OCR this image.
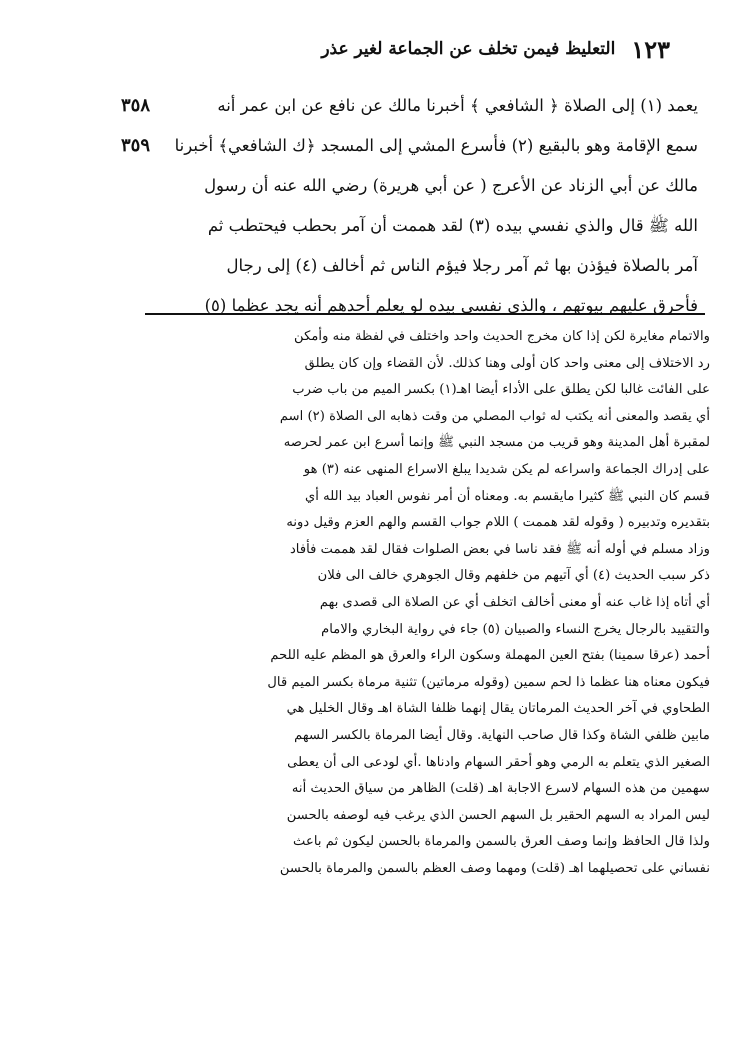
١٢٣
التعليظ فيمن تخلف عن الجماعة لغير عذر
٣٥٨
٣٥٩
يعمد (١) إلى الصلاة ﴿ الشافعي ﴾ أخبرنا مالك عن نافع عن ابن عمر أنه
سمع الإقامة وهو بالبقيع (٢) فأسرع المشي إلى المسجد ﴿ك الشافعي﴾ أخبرنا
مالك عن أبي الزناد عن الأعرج ( عن أبي هريرة) رضي الله عنه أن رسول
الله ﷺ قال والذي نفسي بيده (٣) لقد هممت أن آمر بحطب فيحتطب ثم
آمر بالصلاة فيؤذن بها ثم آمر رجلا فيؤم الناس ثم أخالف (٤) إلى رجال
فأحرق عليهم بيوتهم ، والذي نفسي بيده لو يعلم أحدهم أنه يجد عظما (٥)
والاتمام مغايرة لكن إذا كان مخرج الحديث واحد واختلف في لفظة منه وأمكن
رد الاختلاف إلى معنى واحد كان أولى وهنا كذلك. لأن القضاء وإن كان يطلق
على الفائت غالبا لكن يطلق على الأداء أيضا اهـ(١) بكسر الميم من باب ضرب
أي يقصد والمعنى أنه يكتب له ثواب المصلي من وقت ذهابه الى الصلاة (٢) اسم
لمقبرة أهل المدينة وهو قريب من مسجد النبي ﷺ وإنما أسرع ابن عمر لحرصه
على إدراك الجماعة واسراعه لم يكن شديدا يبلغ الاسراع المنهى عنه (٣) هو
قسم كان النبي ﷺ كثيرا مايقسم به. ومعناه أن أمر نفوس العباد بيد الله أي
بتقديره وتدبيره ( وقوله لقد هممت ) اللام جواب القسم والهم العزم وقيل دونه
وزاد مسلم في أوله أنه ﷺ فقد ناسا في بعض الصلوات فقال لقد هممت فأفاد
ذكر سبب الحديث (٤) أي آتيهم من خلفهم وقال الجوهري خالف الى فلان
أي أتاه إذا غاب عنه أو معنى أخالف اتخلف أي عن الصلاة الى قصدى بهم
والتقييد بالرجال يخرج النساء والصبيان (٥) جاء في رواية البخاري والامام
أحمد (عرقا سمينا) بفتح العين المهملة وسكون الراء والعرق هو المظم عليه اللحم
فيكون معناه هنا عظما ذا لحم سمين (وقوله مرماتين) تثنية مرماة بكسر الميم قال
الطحاوي في آخر الحديث المرماتان يقال إنهما ظلفا الشاة اهـ وقال الخليل هي
مابين ظلفي الشاة وكذا قال صاحب النهاية. وقال أيضا المرماة بالكسر السهم
الصغير الذي يتعلم به الرمي وهو أحقر السهام وادناها .أي لودعى الى أن يعطى
سهمين من هذه السهام لاسرع الاجابة اهـ (قلت) الظاهر من سياق الحديث أنه
ليس المراد به السهم الحقير بل السهم الحسن الذي يرغب فيه لوصفه بالحسن
ولذا قال الحافظ وإنما وصف العرق بالسمن والمرماة بالحسن ليكون ثم باعث
نفساني على تحصيلهما اهـ (قلت) ومهما وصف العظم بالسمن والمرماة بالحسن
